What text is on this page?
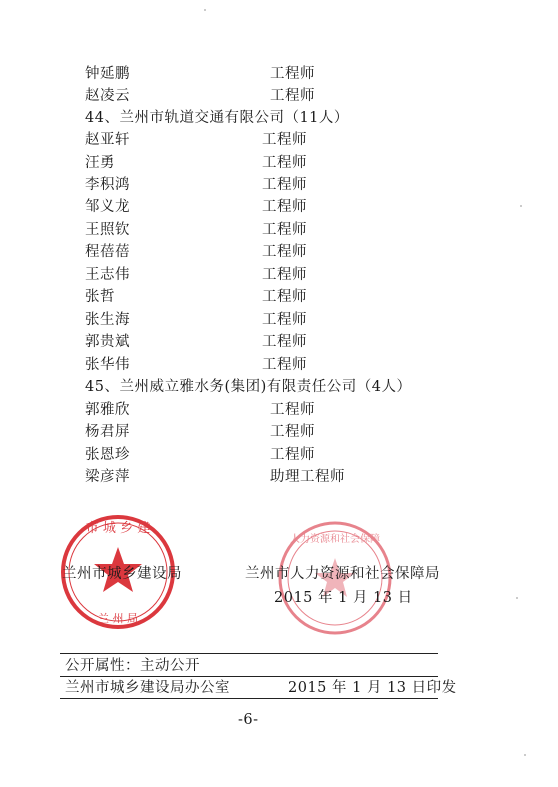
钟延鹏	工程师
赵凌云	工程师
44、兰州市轨道交通有限公司（11人）
赵亚轩	工程师
汪勇	工程师
李积鸿	工程师
邹义龙	工程师
王照钦	工程师
程蓓蓓	工程师
王志伟	工程师
张哲	工程师
张生海	工程师
郭贵斌	工程师
张华伟	工程师
45、兰州威立雅水务(集团)有限责任公司（4人）
郭雅欣	工程师
杨君屏	工程师
张恩珍	工程师
梁彦萍	助理工程师
市 城 乡 建
兰 州 局
人力资源和社会保障
兰州市城乡建设局	兰州市人力资源和社会保障局
2015 年 1 月 13 日
公开属性：主动公开
兰州市城乡建设局办公室	2015 年 1 月 13 日印发
-6-
